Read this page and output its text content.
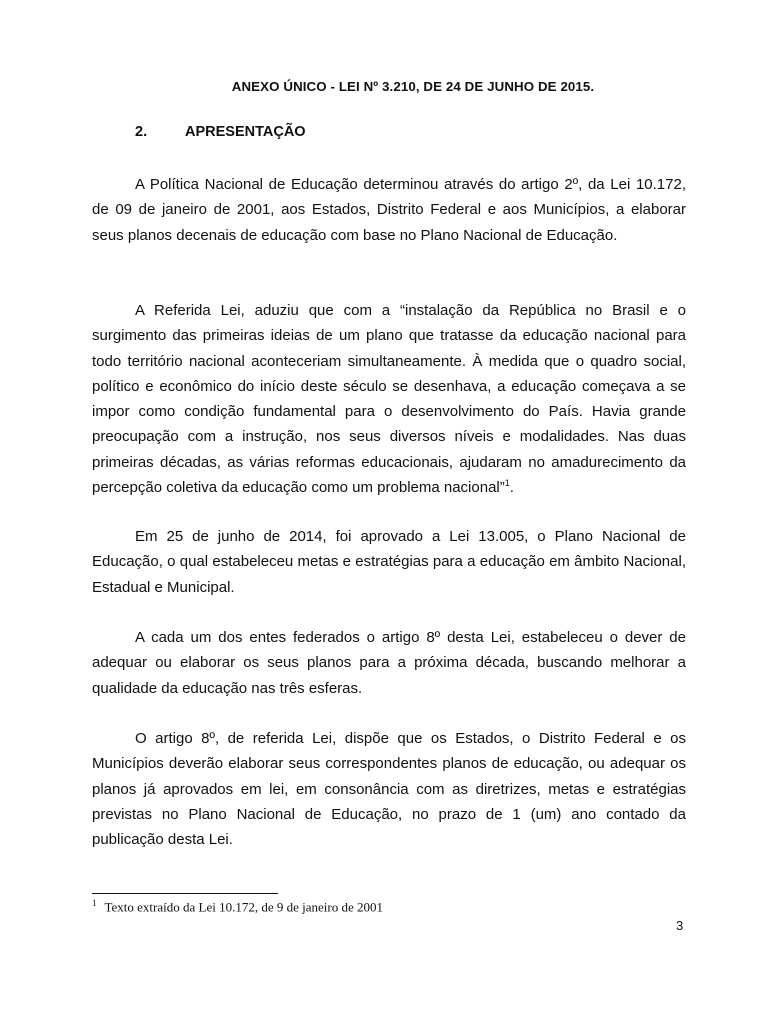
ANEXO ÚNICO - LEI Nº 3.210, DE 24 DE JUNHO DE 2015.
2.	APRESENTAÇÃO

A Política Nacional de Educação determinou através do artigo 2º, da Lei 10.172, de 09 de janeiro de 2001, aos Estados, Distrito Federal e aos Municípios, a elaborar seus planos decenais de educação com base no Plano Nacional de Educação.

A Referida Lei, aduziu que com a “instalação da República no Brasil e o surgimento das primeiras ideias de um plano que tratasse da educação nacional para todo território nacional aconteceriam simultaneamente. À medida que o quadro social, político e econômico do início deste século se desenhava, a educação começava a se impor como condição fundamental para o desenvolvimento do País. Havia grande preocupação com a instrução, nos seus diversos níveis e modalidades. Nas duas primeiras décadas, as várias reformas educacionais, ajudaram no amadurecimento da percepção coletiva da educação como um problema nacional”$^1$.

Em 25 de junho de 2014, foi aprovado a Lei 13.005, o Plano Nacional de Educação, o qual estabeleceu metas e estratégias para a educação em âmbito Nacional, Estadual e Municipal.

A cada um dos entes federados o artigo 8º desta Lei, estabeleceu o dever de adequar ou elaborar os seus planos para a próxima década, buscando melhorar a qualidade da educação nas três esferas.

O artigo 8º, de referida Lei, dispõe que os Estados, o Distrito Federal e os Municípios deverão elaborar seus correspondentes planos de educação, ou adequar os planos já aprovados em lei, em consonância com as diretrizes, metas e estratégias previstas no Plano Nacional de Educação, no prazo de 1 (um) ano contado da publicação desta Lei.

$^1$ Texto extraído da Lei 10.172, de 9 de janeiro de 2001
3
